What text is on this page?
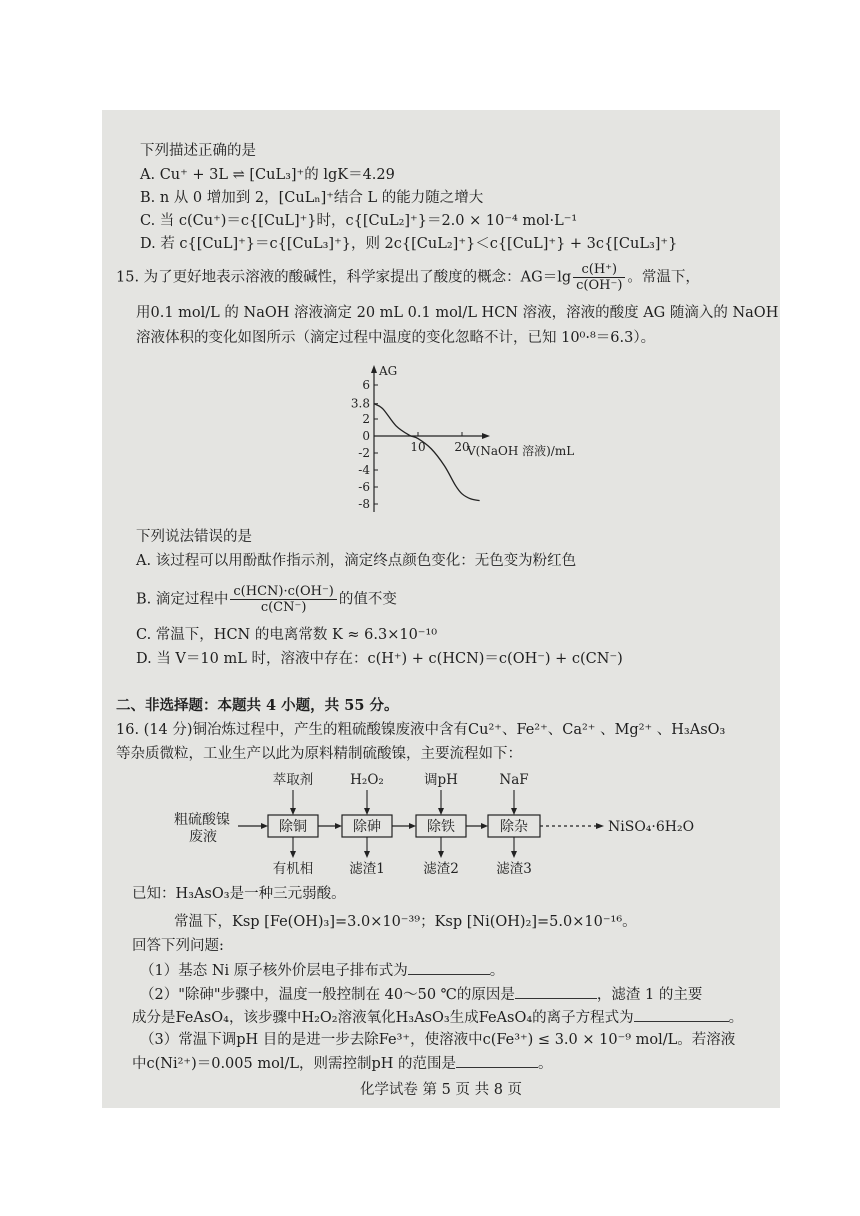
下列描述正确的是
A. Cu⁺ + 3L ⇌ [CuL₃]⁺的 lgK＝4.29
B. n 从 0 增加到 2，[CuLₙ]⁺结合 L 的能力随之增大
C. 当 c(Cu⁺)＝c{[CuL]⁺}时，c{[CuL₂]⁺}＝2.0 × 10⁻⁴ mol·L⁻¹
D. 若 c{[CuL]⁺}＝c{[CuL₃]⁺}，则 2c{[CuL₂]⁺}＜c{[CuL]⁺} + 3c{[CuL₃]⁺}
15. 为了更好地表示溶液的酸碱性，科学家提出了酸度的概念：$AG=\lg \frac{c(H^+)}{c(OH^-)}$ 。常温下，
用0.1 mol/L 的 NaOH 溶液滴定 20 mL 0.1 mol/L HCN 溶液，溶液的酸度 AG 随滴入的 NaOH
溶液体积的变化如图所示（滴定过程中温度的变化忽略不计，已知 10⁰·⁸＝6.3）。
AG
V(NaOH 溶液)/mL
6
3.8
2
0
-2
-4
-6
-8
10 20
下列说法错误的是
A. 该过程可以用酚酞作指示剂，滴定终点颜色变化：无色变为粉红色
B. 滴定过程中 $\frac{\text{c(HCN)·c(OH⁻)}}{c(CN^-)}$ 的值不变
C. 常温下，HCN 的电离常数 K ≈ 6.3×10⁻¹⁰
D. 当 V＝10 mL 时，溶液中存在：c(H⁺) + c(HCN)＝c(OH⁻) + c(CN⁻)
二、非选择题：本题共 4 小题，共 55 分。
16. (14 分)铜冶炼过程中，产生的粗硫酸镍废液中含有Cu²⁺、Fe²⁺、Ca²⁺ 、Mg²⁺ 、H₃AsO₃
等杂质微粒，工业生产以此为原料精制硫酸镍，主要流程如下：
粗硫酸镍
废液
NiSO₄·6H₂O
除铜
萃取剂
有机相
除砷
H₂O₂
滤渣1
除铁
调pH
滤渣2
除杂
NaF
滤渣3
已知：H₃AsO₃是一种三元弱酸。
常温下，Ksp [Fe(OH)₃]=3.0×10⁻³⁹；Ksp [Ni(OH)₂]=5.0×10⁻¹⁶。
回答下列问题:
（1）基态 Ni 原子核外价层电子排布式为	。
（2）"除砷"步骤中，温度一般控制在 40～50 ℃的原因是	，滤渣 1 的主要
成分是FeAsO₄，该步骤中H₂O₂溶液氧化H₃AsO₃生成FeAsO₄的离子方程式为	。
（3）常温下调pH 目的是进一步去除Fe³⁺，使溶液中c(Fe³⁺) ≤ 3.0 × 10⁻⁹ mol/L。若溶液
中c(Ni²⁺)＝0.005 mol/L，则需控制pH 的范围是	。
化学试卷 第 5 页 共 8 页
